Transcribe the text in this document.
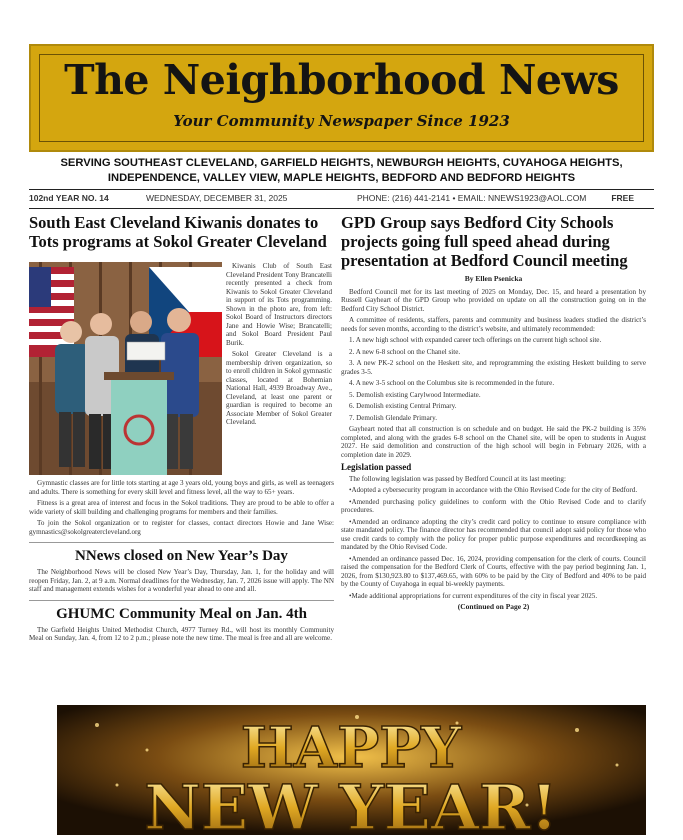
The Neighborhood News
Your Community Newspaper Since 1923
SERVING SOUTHEAST CLEVELAND, GARFIELD HEIGHTS, NEWBURGH HEIGHTS, CUYAHOGA HEIGHTS, INDEPENDENCE, VALLEY VIEW, MAPLE HEIGHTS, BEDFORD AND BEDFORD HEIGHTS
102nd YEAR NO. 14	WEDNESDAY, DECEMBER 31, 2025	PHONE: (216) 441-2141 • EMAIL: NNEWS1923@AOL.COM	FREE
South East Cleveland Kiwanis donates to Tots programs at Sokol Greater Cleveland

Kiwanis Club of South East Cleveland President Tony Brancatelli recently presented a check from Kiwanis to Sokol Greater Cleveland in support of its Tots programming. Shown in the photo are, from left: Sokol Board of Instructors directors Jane and Howie Wise; Brancatelli; and Sokol Board President Paul Burik.

Sokol Greater Cleveland is a membership driven organization, so to enroll children in Sokol gymnastic classes, located at Bohemian National Hall, 4939 Broadway Ave., Cleveland, at least one parent or guardian is required to become an Associate Member of Sokol Greater Cleveland.

Gymnastic classes are for little tots starting at age 3 years old, young boys and girls, as well as teenagers and adults. There is something for every skill level and fitness level, all the way to 65+ years.

Fitness is a great area of interest and focus in the Sokol traditions. They are proud to be able to offer a wide variety of skill building and challenging programs for members and their families.

To join the Sokol organization or to register for classes, contact directors Howie and Jane Wise: gymnastics@sokolgreatercleveland.org

NNews closed on New Year’s Day

The Neighborhood News will be closed New Year’s Day, Thursday, Jan. 1, for the holiday and will reopen Friday, Jan. 2, at 9 a.m. Normal deadlines for the Wednesday, Jan. 7, 2026 issue will apply. The NN staff and management extends wishes for a wonderful year ahead to one and all.

GHUMC Community Meal on Jan. 4th

The Garfield Heights United Methodist Church, 4977 Turney Rd., will host its monthly Community Meal on Sunday, Jan. 4, from 12 to 2 p.m.; please note the new time. The meal is free and all are welcome.

GPD Group says Bedford City Schools projects going full speed ahead during presentation at Bedford Council meeting
By Ellen Psenicka

Bedford Council met for its last meeting of 2025 on Monday, Dec. 15, and heard a presentation by Russell Gayheart of the GPD Group who provided on update on all the construction going on in the Bedford City School District.

A committee of residents, staffers, parents and community and business leaders studied the district’s needs for seven months, according to the district’s website, and ultimately recommended:

1. A new high school with expanded career tech offerings on the current high school site.

2. A new 6-8 school on the Chanel site.

3. A new PK-2 school on the Heskett site, and reprogramming the existing Heskett building to serve grades 3-5.

4. A new 3-5 school on the Columbus site is recommended in the future.

5. Demolish existing Carylwood Intermediate.

6. Demolish existing Central Primary.

7. Demolish Glendale Primary.

Gayheart noted that all construction is on schedule and on budget. He said the PK-2 building is 35% completed, and along with the grades 6-8 school on the Chanel site, will be open to students in August 2027. He said demolition and construction of the high school will begin in February 2026, with a completion date in 2029.

Legislation passed

The following legislation was passed by Bedford Council at its last meeting:

•Adopted a cybersecurity program in accordance with the Ohio Revised Code for the city of Bedford.

•Amended purchasing policy guidelines to conform with the Ohio Revised Code and to clarify procedures.

•Amended an ordinance adopting the city’s credit card policy to continue to ensure compliance with state mandated policy. The finance director has recommended that council adopt said policy for those who use credit cards to comply with the policy for proper public purpose expenditures and recordkeeping as mandated by the Ohio Revised Code.

•Amended an ordinance passed Dec. 16, 2024, providing compensation for the clerk of courts. Council raised the compensation for the Bedford Clerk of Courts, effective with the pay period beginning Jan. 1, 2026, from $130,923.80 to $137,469.65, with 60% to be paid by the City of Bedford and 40% to be paid by the County of Cuyahoga in equal bi-weekly payments.

•Made additional appropriations for current expenditures of the city in fiscal year 2025.

(Continued on Page 2)
HAPPY
NEW YEAR!
